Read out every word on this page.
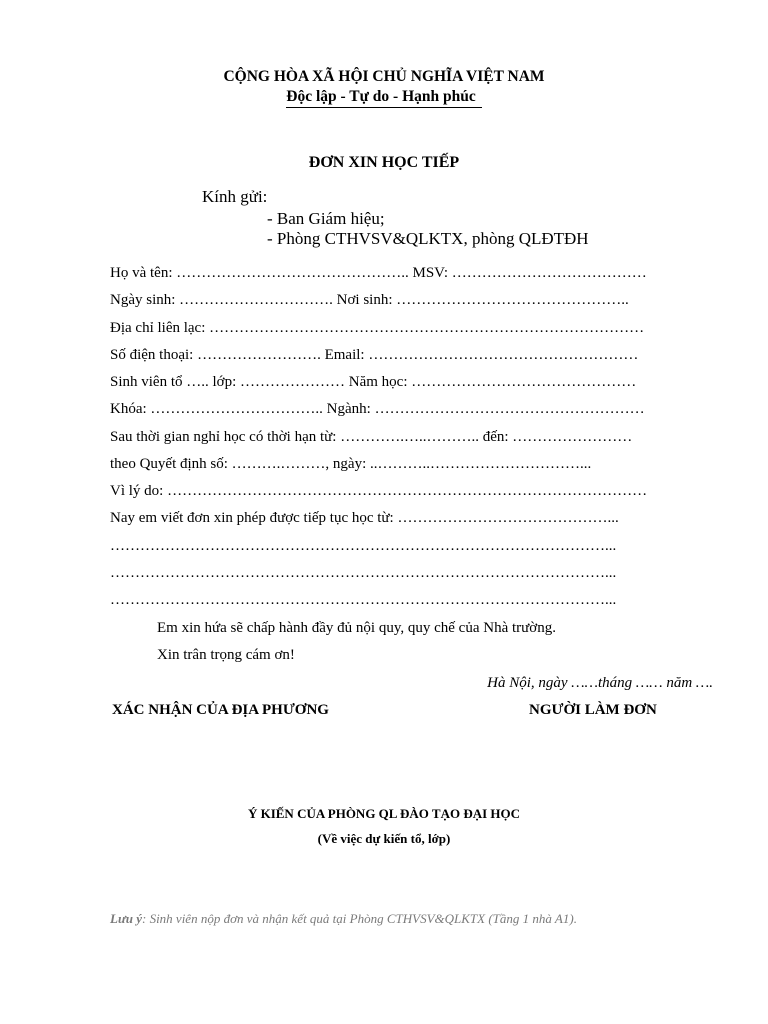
CỘNG HÒA XÃ HỘI CHỦ NGHĨA VIỆT NAM
Độc lập - Tự do - Hạnh phúc
ĐƠN XIN HỌC TIẾP
Kính gửi:
- Ban Giám hiệu;
- Phòng CTHVSV&QLKTX, phòng QLĐTĐH
Họ và tên: ……………………………………….. MSV: …………………………………
Ngày sinh: …………………………. Nơi sinh: ………………………………………..
Địa chỉ liên lạc: ……………………………………………………………………………
Số điện thoại: ……………………. Email: ………………………………………………
Sinh viên tổ ….. lớp: ………………… Năm học: ………………………………………
Khóa: …………………………….. Ngành: ………………………………………………
Sau thời gian nghỉ học có thời hạn từ: ………….…..……….. đến: ……………………
theo Quyết định số: ……….………, ngày: ..………..…………………………...
Vì lý do: ……………………………………………………………………………………
Nay em viết đơn xin phép được tiếp tục học từ: ……………………………………...
………………………………………………………………………………………...
………………………………………………………………………………………...
………………………………………………………………………………………...
Em xin hứa sẽ chấp hành đầy đủ nội quy, quy chế của Nhà trường.
Xin trân trọng cám ơn!
Hà Nội, ngày ……tháng …… năm ….
XÁC NHẬN CỦA ĐỊA PHƯƠNG	NGƯỜI LÀM ĐƠN
Ý KIẾN CỦA PHÒNG QL ĐÀO TẠO ĐẠI HỌC
(Về việc dự kiến tổ, lớp)
Lưu ý: Sinh viên nộp đơn và nhận kết quả tại Phòng CTHVSV&QLKTX (Tầng 1 nhà A1).
